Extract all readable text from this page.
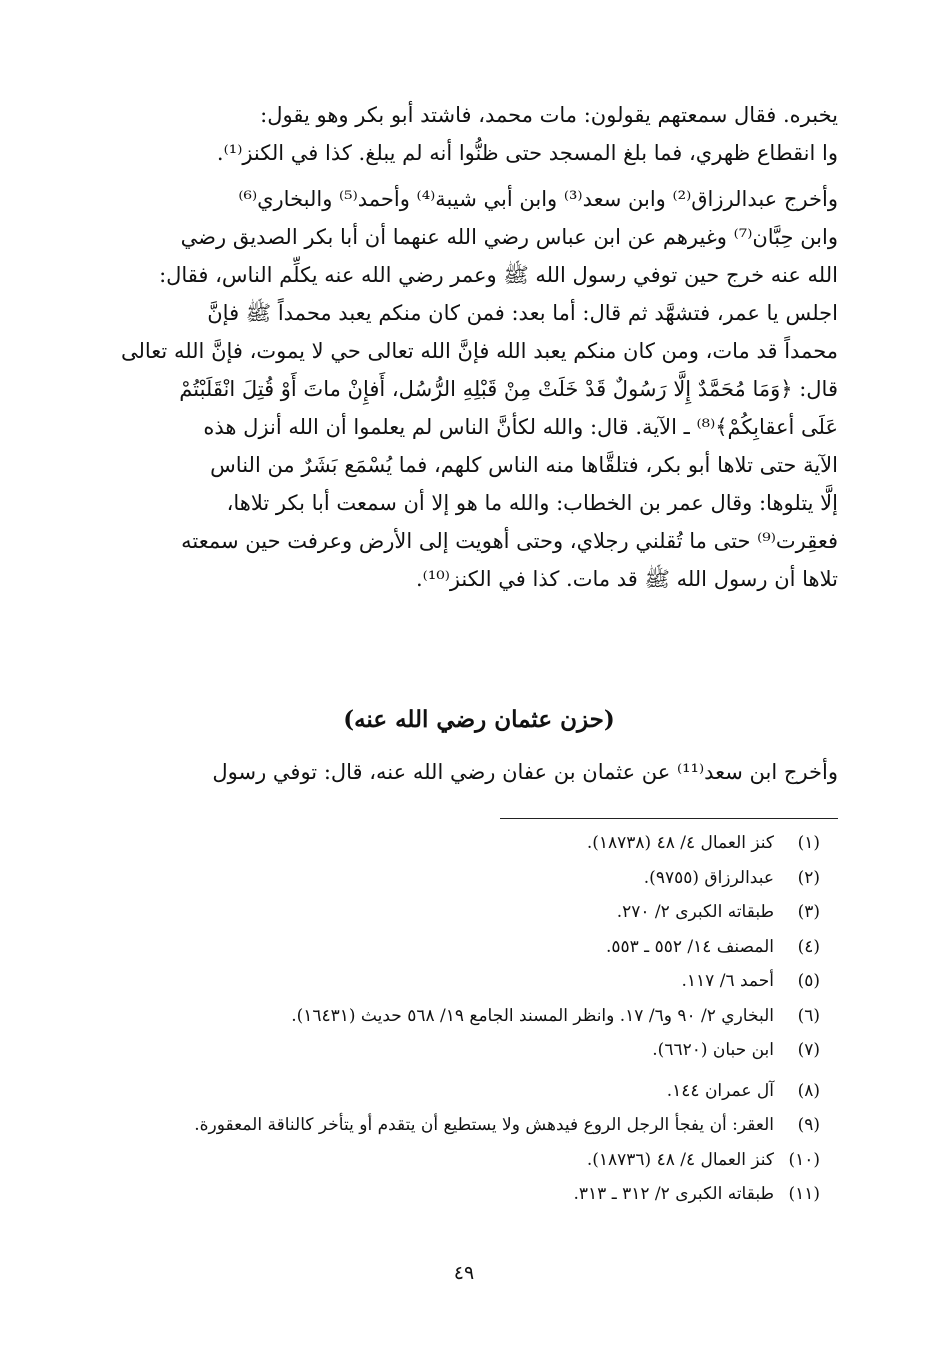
يخبره. فقال سمعتهم يقولون: مات محمد، فاشتد أبو بكر وهو يقول:
وا انقطاع ظهري، فما بلغ المسجد حتى ظنُّوا أنه لم يبلغ. كذا في الكنز⁽¹⁾.
وأخرج عبدالرزاق⁽²⁾ وابن سعد⁽³⁾ وابن أبي شيبة⁽⁴⁾ وأحمد⁽⁵⁾ والبخاري⁽⁶⁾
وابن حِبَّان⁽⁷⁾ وغيرهم عن ابن عباس رضي الله عنهما أن أبا بكر الصديق رضي
الله عنه خرج حين توفي رسول الله ﷺ وعمر رضي الله عنه يكلِّم الناس، فقال:
اجلس يا عمر، فتشهَّد ثم قال: أما بعد: فمن كان منكم يعبد محمداً ﷺ فإنَّ
محمداً قد مات، ومن كان منكم يعبد الله فإنَّ الله تعالى حي لا يموت، فإنَّ الله تعالى
قال: ﴿وَمَا مُحَمَّدٌ إِلَّا رَسُولٌ قَدْ خَلَتْ مِنْ قَبْلِهِ الرُّسُل، أَفإِنْ ماتَ أَوْ قُتِلَ انْقَلَبْتُمْ
عَلَى أعقابِكُمْ﴾⁽⁸⁾ ـ الآية. قال: والله لكأنَّ الناس لم يعلموا أن الله أنزل هذه
الآية حتى تلاها أبو بكر، فتلقَّاها منه الناس كلهم، فما يُسْمَع بَشَرٌ من الناس
إلَّا يتلوها: وقال عمر بن الخطاب: والله ما هو إلا أن سمعت أبا بكر تلاها،
فعقِرت⁽⁹⁾ حتى ما تُقلني رجلاي، وحتى أهويت إلى الأرض وعرفت حين سمعته
تلاها أن رسول الله ﷺ قد مات. كذا في الكنز⁽¹⁰⁾.
(حزن عثمان رضي الله عنه)
وأخرج ابن سعد⁽¹¹⁾ عن عثمان بن عفان رضي الله عنه، قال: توفي رسول
(١)
كنز العمال ٤/ ٤٨ (١٨٧٣٨).
(٢)
عبدالرزاق (٩٧٥٥).
(٣)
طبقاته الكبرى ٢/ ٢٧٠.
(٤)
المصنف ١٤/ ٥٥٢ ـ ٥٥٣.
(٥)
أحمد ٦/ ١١٧.
(٦)
البخاري ٢/ ٩٠ و٦/ ١٧. وانظر المسند الجامع ١٩/ ٥٦٨ حديث (١٦٤٣١).
(٧)
ابن حبان (٦٦٢٠).
(٨)
آل عمران ١٤٤.
(٩)
العقر: أن يفجأ الرجل الروع فيدهش ولا يستطيع أن يتقدم أو يتأخر كالناقة المعقورة.
(١٠)
كنز العمال ٤/ ٤٨ (١٨٧٣٦).
(١١)
طبقاته الكبرى ٢/ ٣١٢ ـ ٣١٣.
٤٩
